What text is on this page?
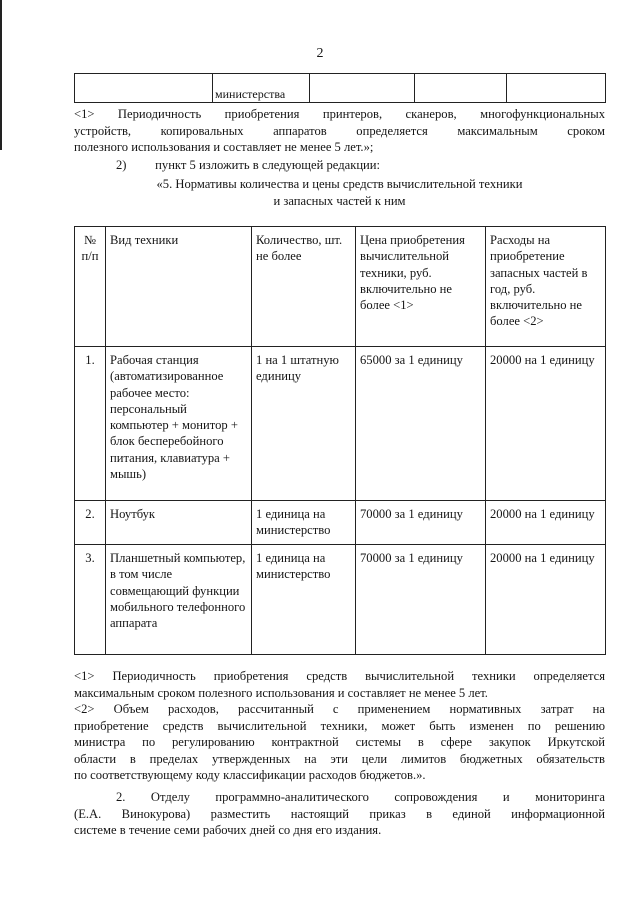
2
	министерства			
<1> Периодичность приобретения принтеров, сканеров, многофункциональных
устройств, копировальных аппаратов определяется максимальным сроком
полезного использования и составляет не менее 5 лет.»;
2) пункт 5 изложить в следующей редакции:
«5. Нормативы количества и цены средств вычислительной техники
и запасных частей к ним
№ п/п	Вид техники	Количество, шт. не более	Цена приобретения вычислительной техники, руб. включительно не более <1>	Расходы на приобретение запасных частей в год, руб. включительно не более <2>
1.	Рабочая станция (автоматизированное рабочее место: персональный компьютер + монитор + блок бесперебойного питания, клавиатура + мышь)	1 на 1 штатную единицу	65000 за 1 единицу	20000 на 1 единицу
2.	Ноутбук	1 единица на министерство	70000 за 1 единицу	20000 на 1 единицу
3.	Планшетный компьютер, в том числе совмещающий функции мобильного телефонного аппарата	1 единица на министерство	70000 за 1 единицу	20000 на 1 единицу
<1> Периодичность приобретения средств вычислительной техники определяется
максимальным сроком полезного использования и составляет не менее 5 лет.
<2> Объем расходов, рассчитанный с применением нормативных затрат на
приобретение средств вычислительной техники, может быть изменен по решению
министра по регулированию контрактной системы в сфере закупок Иркутской
области в пределах утвержденных на эти цели лимитов бюджетных обязательств
по соответствующему коду классификации расходов бюджетов.».
2. Отделу программно-аналитического сопровождения и мониторинга
(Е.А. Винокурова) разместить настоящий приказ в единой информационной
системе в течение семи рабочих дней со дня его издания.
